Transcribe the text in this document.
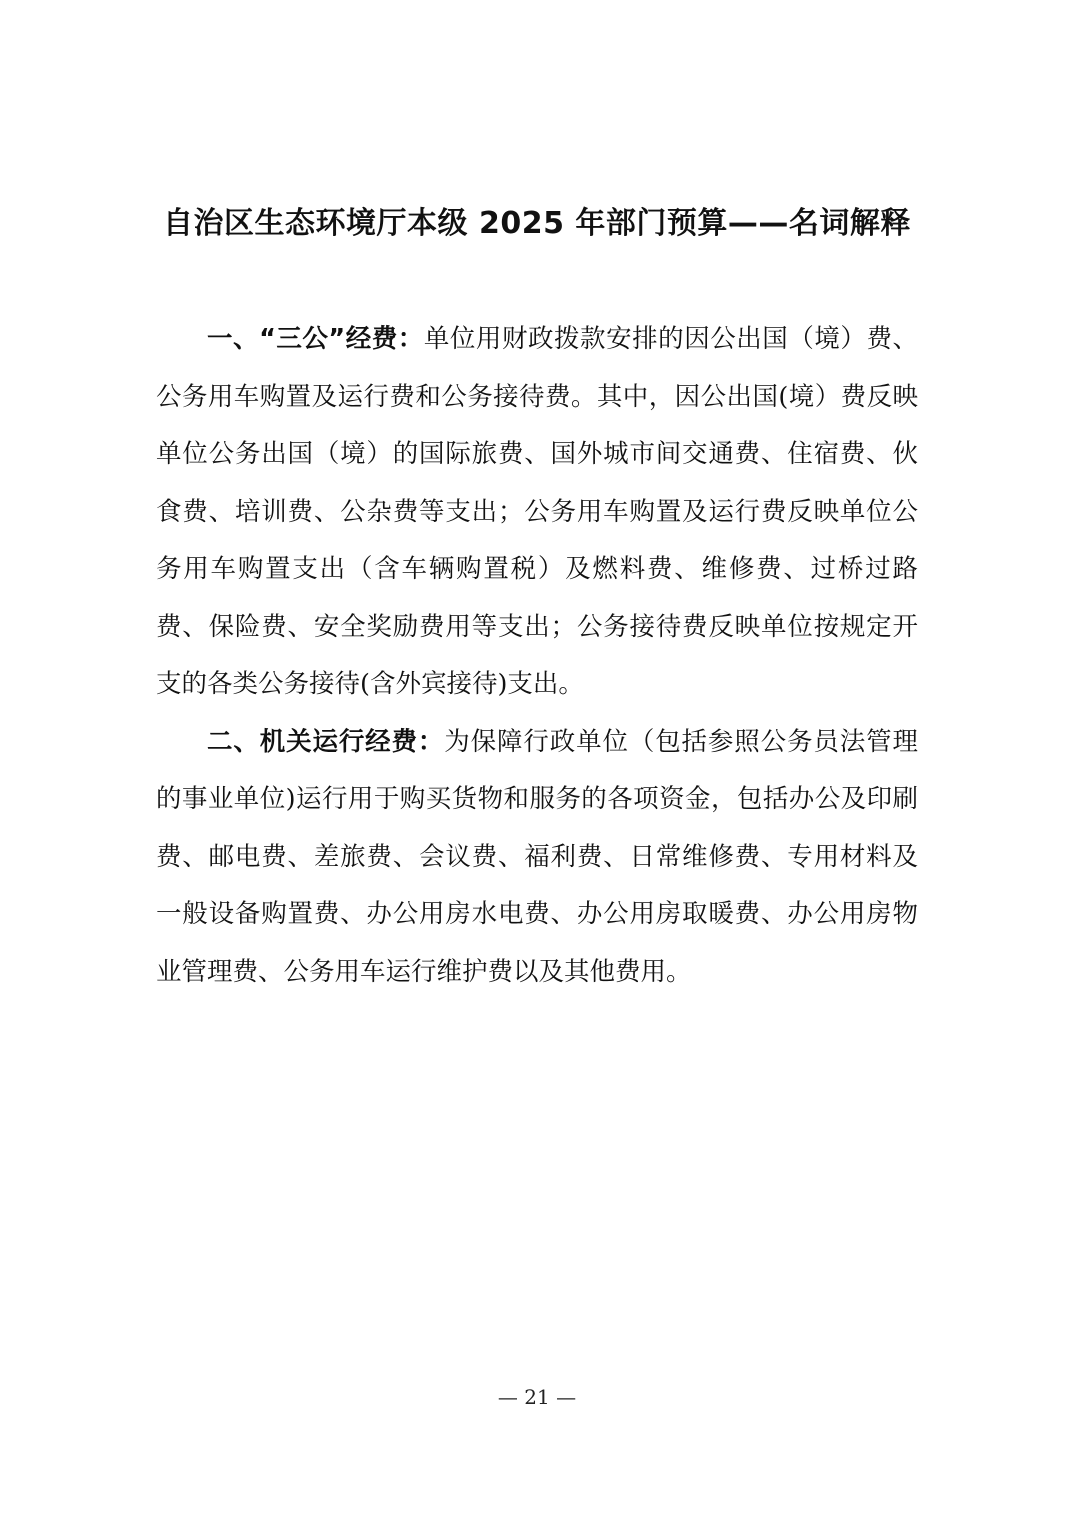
自治区生态环境厅本级 2025 年部门预算——名词解释

一、“三公”经费：单位用财政拨款安排的因公出国（境）费、公务用车购置及运行费和公务接待费。其中，因公出国(境）费反映单位公务出国（境）的国际旅费、国外城市间交通费、住宿费、伙食费、培训费、公杂费等支出；公务用车购置及运行费反映单位公务用车购置支出（含车辆购置税）及燃料费、维修费、过桥过路费、保险费、安全奖励费用等支出；公务接待费反映单位按规定开支的各类公务接待(含外宾接待)支出。

二、机关运行经费：为保障行政单位（包括参照公务员法管理的事业单位)运行用于购买货物和服务的各项资金，包括办公及印刷费、邮电费、差旅费、会议费、福利费、日常维修费、专用材料及一般设备购置费、办公用房水电费、办公用房取暖费、办公用房物业管理费、公务用车运行维护费以及其他费用。

— 21 —
